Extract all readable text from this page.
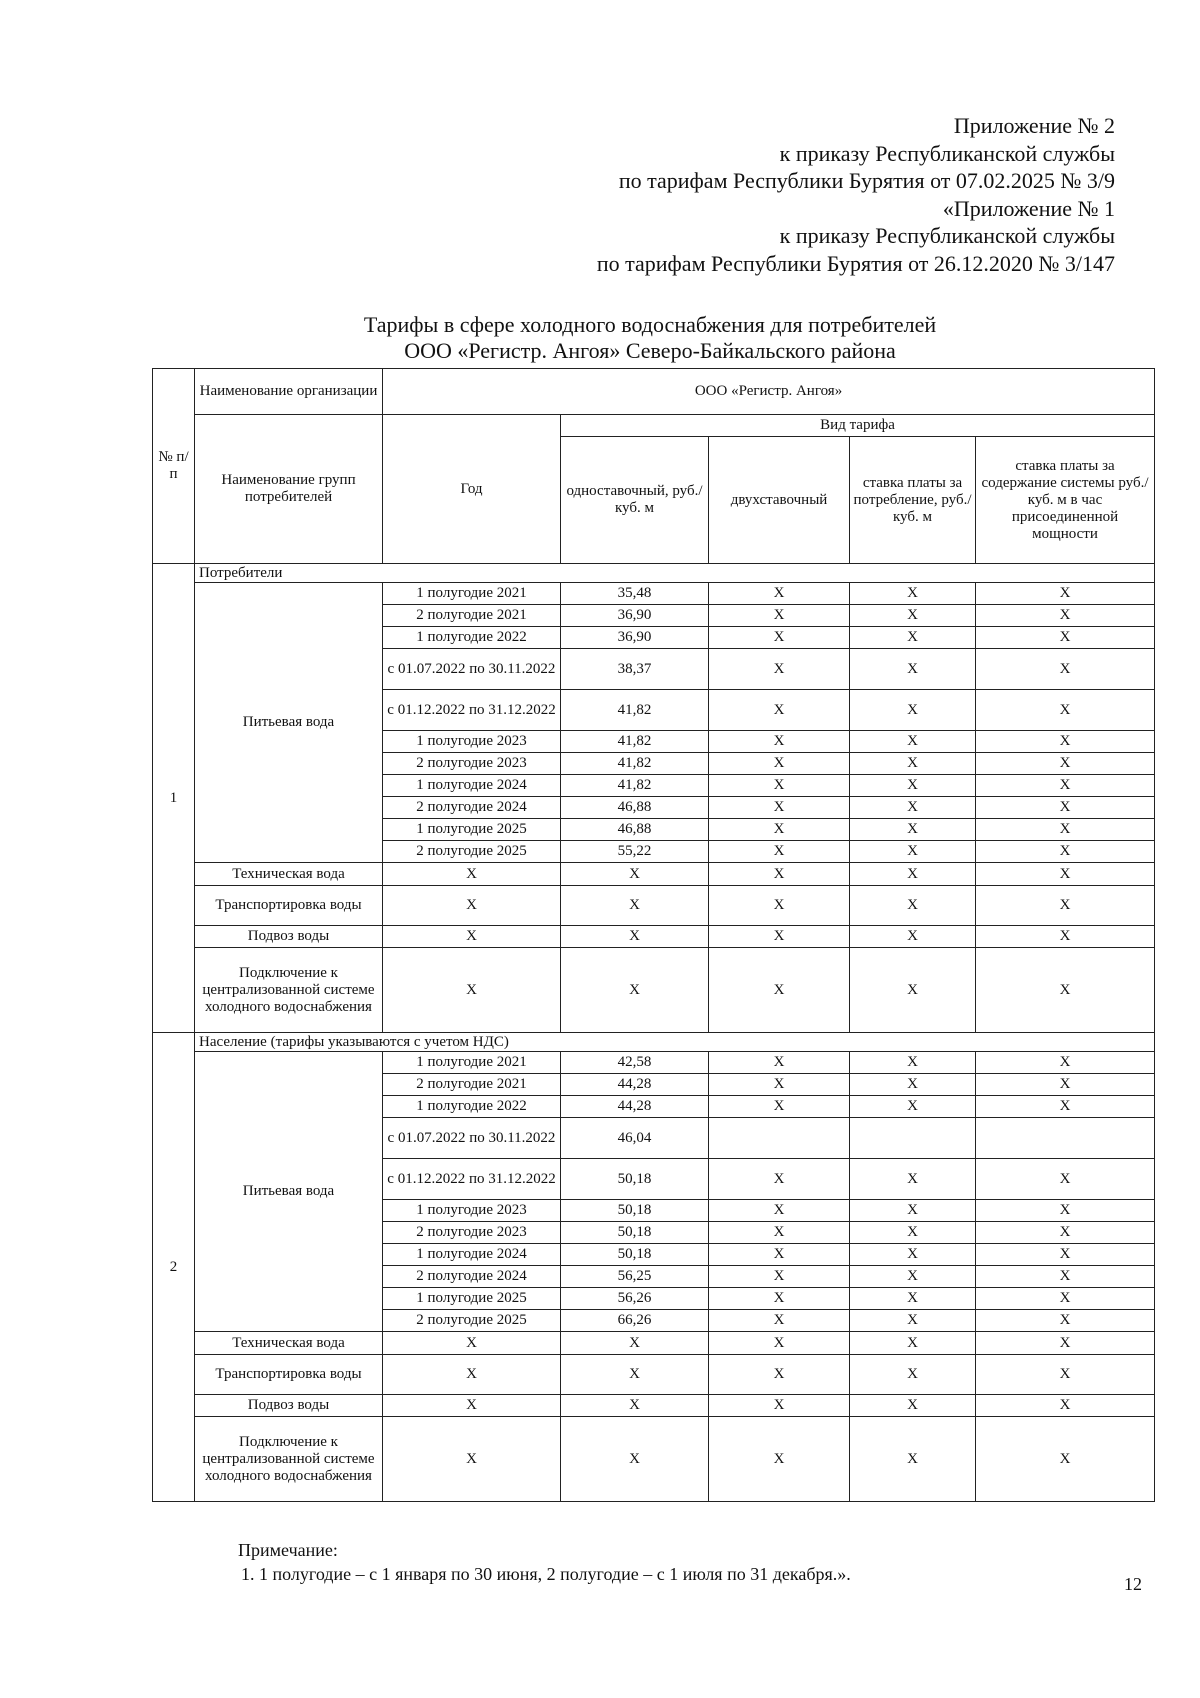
Приложение № 2
к приказу Республиканской службы
по тарифам Республики Бурятия от 07.02.2025 № 3/9
«Приложение № 1
к приказу Республиканской службы
по тарифам Республики Бурятия от 26.12.2020 № 3/147
Тарифы в сфере холодного водоснабжения для потребителей
ООО «Регистр. Ангоя» Северо-Байкальского района
№ п/п	Наименование организации	ООО «Регистр. Ангоя»				
	Наименование групп потребителей	Год	Вид тарифа			
			одноставочный, руб./ куб. м	двухставочный	ставка платы за потребление, руб./ куб. м	ставка платы за содержание системы руб./куб. м в час присоединенной мощности
1	Потребители					
	Питьевая вода	1 полугодие 2021	35,48	X	X	X
		2 полугодие 2021	36,90	X	X	X
		1 полугодие 2022	36,90	X	X	X
		с 01.07.2022 по 30.11.2022	38,37	X	X	X
		с 01.12.2022 по 31.12.2022	41,82	X	X	X
		1 полугодие 2023	41,82	X	X	X
		2 полугодие 2023	41,82	X	X	X
		1 полугодие 2024	41,82	X	X	X
		2 полугодие 2024	46,88	X	X	X
		1 полугодие 2025	46,88	X	X	X
		2 полугодие 2025	55,22	X	X	X
	Техническая вода	X	X	X	X	X
	Транспортировка воды	X	X	X	X	X
	Подвоз воды	X	X	X	X	X
	Подключение к централизованной системе холодного водоснабжения	X	X	X	X	X
2	Население (тарифы указываются с учетом НДС)					
	Питьевая вода	1 полугодие 2021	42,58	X	X	X
		2 полугодие 2021	44,28	X	X	X
		1 полугодие 2022	44,28	X	X	X
		с 01.07.2022 по 30.11.2022	46,04			
		с 01.12.2022 по 31.12.2022	50,18	X	X	X
		1 полугодие 2023	50,18	X	X	X
		2 полугодие 2023	50,18	X	X	X
		1 полугодие 2024	50,18	X	X	X
		2 полугодие 2024	56,25	X	X	X
		1 полугодие 2025	56,26	X	X	X
		2 полугодие 2025	66,26	X	X	X
	Техническая вода	X	X	X	X	X
	Транспортировка воды	X	X	X	X	X
	Подвоз воды	X	X	X	X	X
	Подключение к централизованной системе холодного водоснабжения	X	X	X	X	X
Примечание:
1. 1 полугодие – с 1 января по 30 июня, 2 полугодие – с 1 июля по 31 декабря.».	12
